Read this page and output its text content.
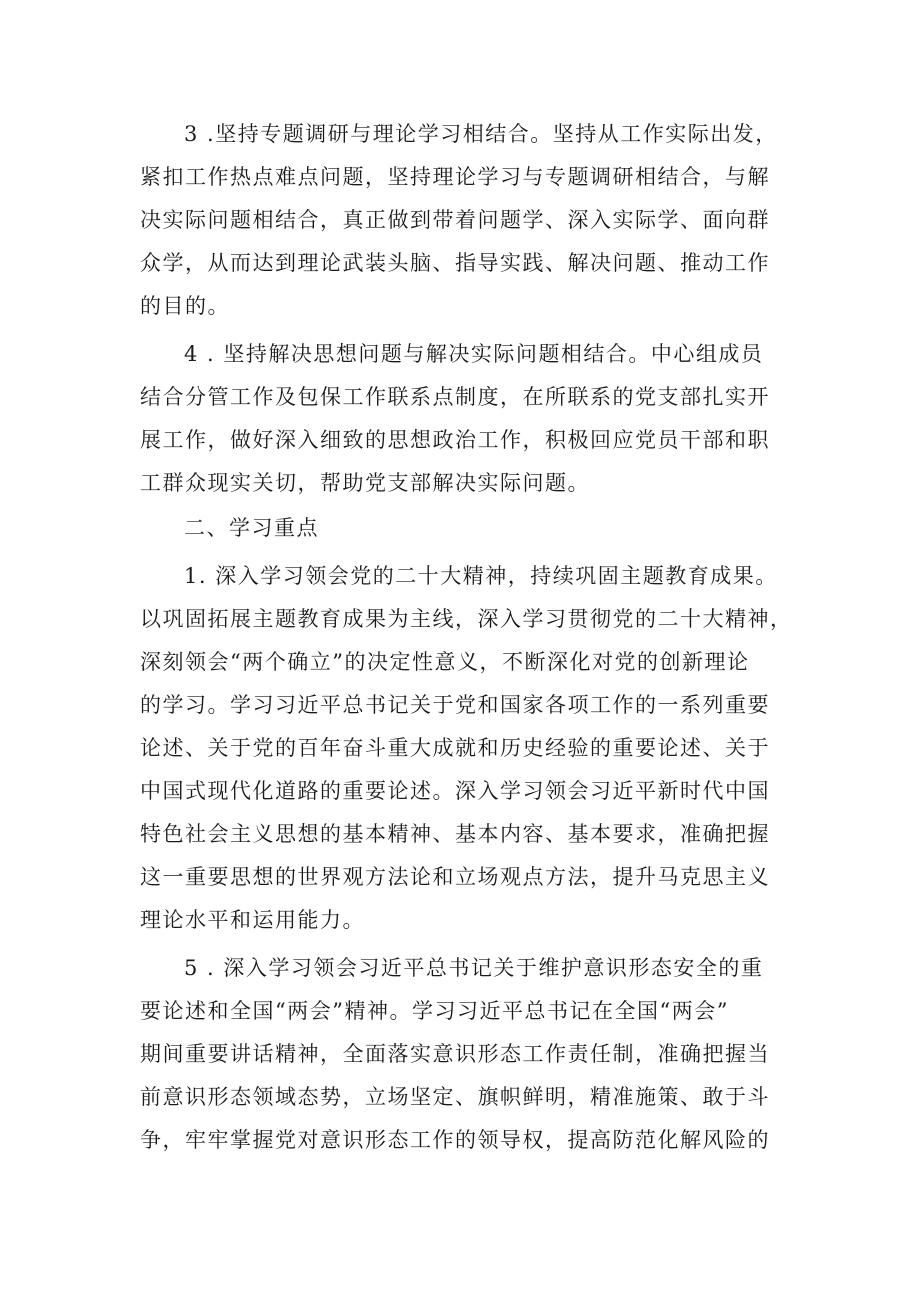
3 .坚持专题调研与理论学习相结合。坚持从工作实际出发，
紧扣工作热点难点问题，坚持理论学习与专题调研相结合，与解
决实际问题相结合，真正做到带着问题学、深入实际学、面向群
众学，从而达到理论武装头脑、指导实践、解决问题、推动工作
的目的。
4 . 坚持解决思想问题与解决实际问题相结合。中心组成员
结合分管工作及包保工作联系点制度，在所联系的党支部扎实开
展工作，做好深入细致的思想政治工作，积极回应党员干部和职
工群众现实关切，帮助党支部解决实际问题。
二、学习重点
1. 深入学习领会党的二十大精神，持续巩固主题教育成果。
以巩固拓展主题教育成果为主线，深入学习贯彻党的二十大精神，
深刻领会“两个确立”的决定性意义，不断深化对党的创新理论
的学习。学习习近平总书记关于党和国家各项工作的一系列重要
论述、关于党的百年奋斗重大成就和历史经验的重要论述、关于
中国式现代化道路的重要论述。深入学习领会习近平新时代中国
特色社会主义思想的基本精神、基本内容、基本要求，准确把握
这一重要思想的世界观方法论和立场观点方法，提升马克思主义
理论水平和运用能力。
5 . 深入学习领会习近平总书记关于维护意识形态安全的重
要论述和全国“两会”精神。学习习近平总书记在全国“两会”
期间重要讲话精神，全面落实意识形态工作责任制，准确把握当
前意识形态领域态势，立场坚定、旗帜鲜明，精准施策、敢于斗
争，牢牢掌握党对意识形态工作的领导权，提高防范化解风险的
